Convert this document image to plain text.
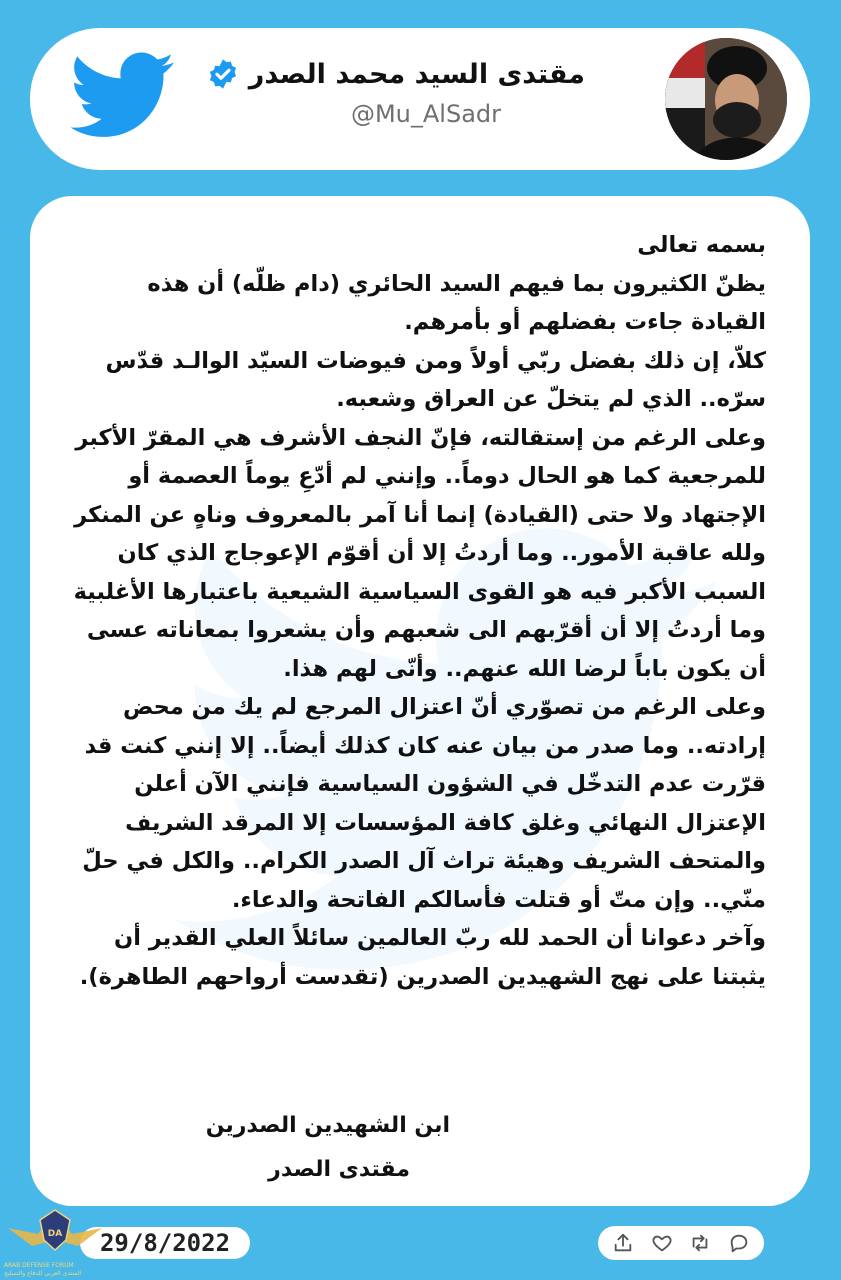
مقتدى السيد محمد الصدر
@Mu_AlSadr

بسمه تعالى

يظنّ الكثيرون بما فيهم السيد الحائري (دام ظلّه) أن هذه القيادة جاءت بفضلهم أو بأمرهم.

كلاّ، إن ذلك بفضل ربّي أولاً ومن فيوضات السيّد الوالـد قدّس سرّه.. الذي لم يتخلّ عن العراق وشعبه.

وعلى الرغم من إستقالته، فإنّ النجف الأشرف هي المقرّ الأكبر للمرجعية كما هو الحال دوماً.. وإنني لم أدّعِ يوماً العصمة أو الإجتهاد ولا حتى (القيادة) إنما أنا آمر بالمعروف وناهٍ عن المنكر ولله عاقبة الأمور.. وما أردتُ إلا أن أقوّم الإعوجاج الذي كان السبب الأكبر فيه هو القوى السياسية الشيعية باعتبارها الأغلبية وما أردتُ إلا أن أقرّبهم الى شعبهم وأن يشعروا بمعاناته عسى أن يكون باباً لرضا الله عنهم.. وأنّى لهم هذا.

وعلى الرغم من تصوّري أنّ اعتزال المرجع لم يك من محض إرادته.. وما صدر من بيان عنه كان كذلك أيضاً.. إلا إنني كنت قد قرّرت عدم التدخّل في الشؤون السياسية فإنني الآن أعلن الإعتزال النهائي وغلق كافة المؤسسات إلا المرقد الشريف والمتحف الشريف وهيئة تراث آل الصدر الكرام.. والكل في حلّ منّي.. وإن متّ أو قتلت فأسالكم الفاتحة والدعاء.

وآخر دعوانا أن الحمد لله ربّ العالمين سائلاً العلي القدير أن يثبتنا على نهج الشهيدين الصدرين (تقدست أرواحهم الطاهرة).

ابن الشهيدين الصدرين
مقتدى الصدر
29/8/2022
DA
ARAB DEFENSE FORUM
المنتدى العربي للدفاع والتسليح
